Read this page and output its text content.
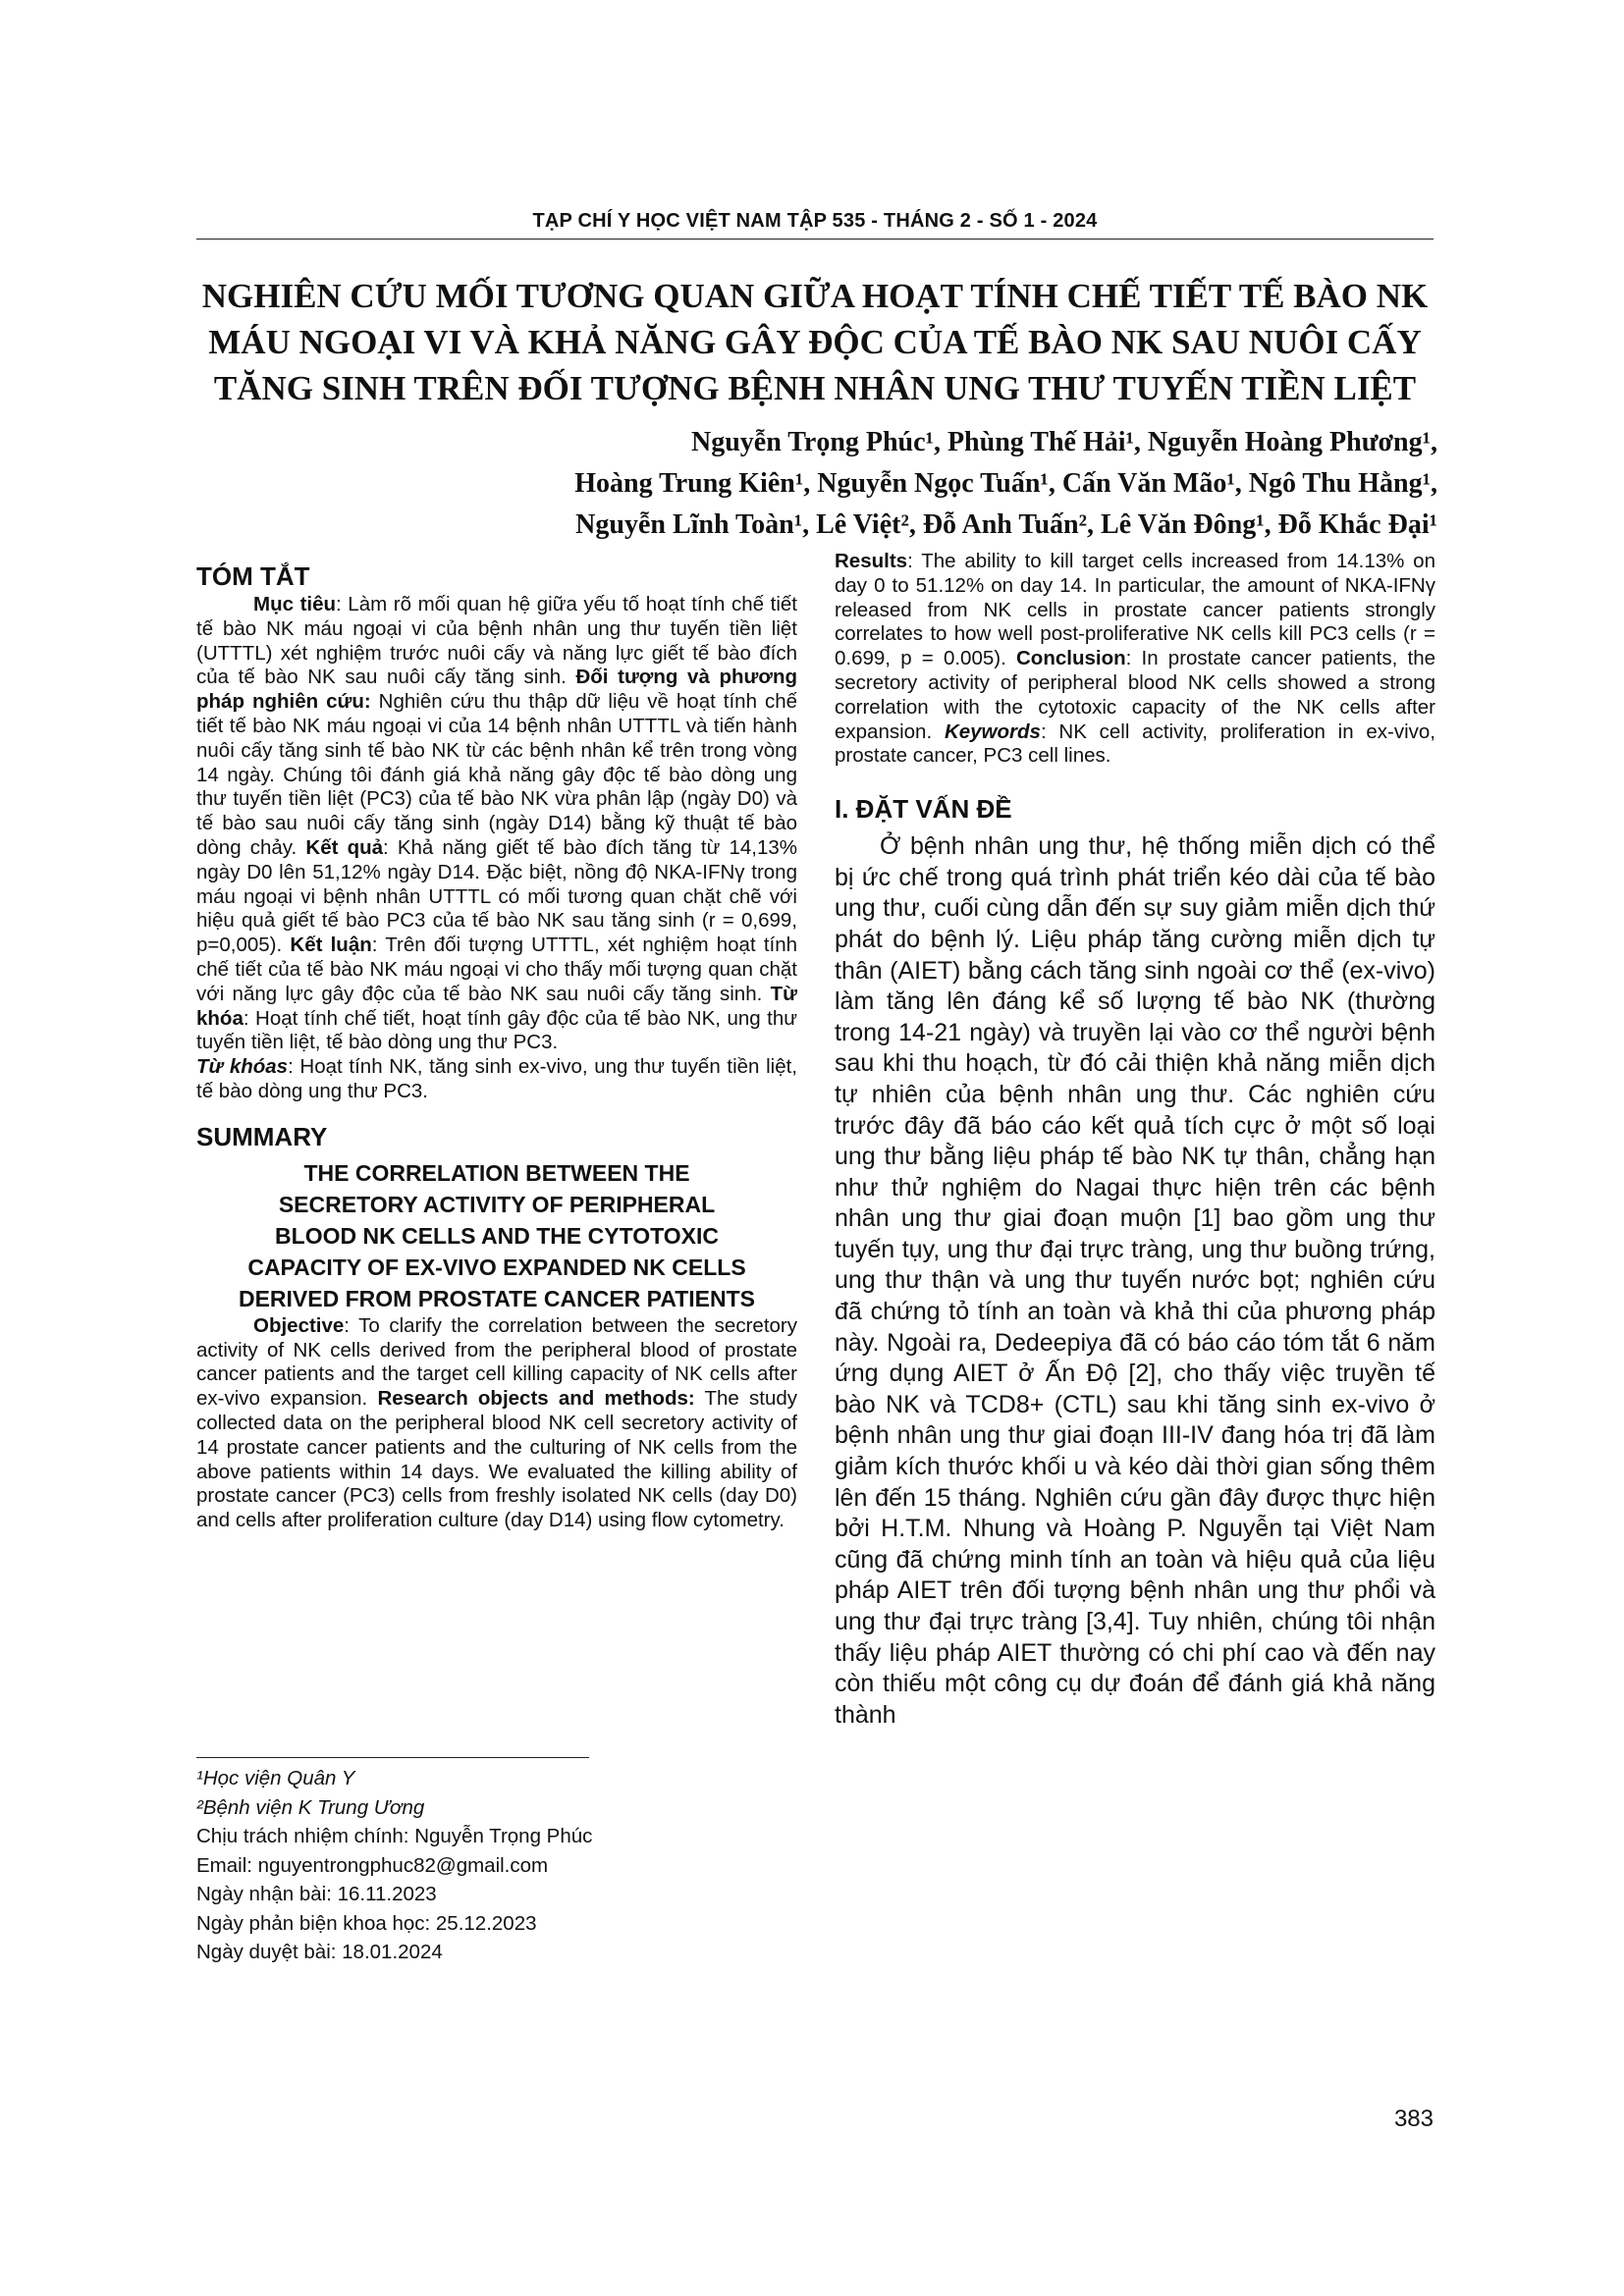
TẠP CHÍ Y HỌC VIỆT NAM TẬP 535 - THÁNG 2 - SỐ 1 - 2024
NGHIÊN CỨU MỐI TƯƠNG QUAN GIỮA HOẠT TÍNH CHẾ TIẾT TẾ BÀO NK
MÁU NGOẠI VI VÀ KHẢ NĂNG GÂY ĐỘC CỦA TẾ BÀO NK SAU NUÔI CẤY
TĂNG SINH TRÊN ĐỐI TƯỢNG BỆNH NHÂN UNG THƯ TUYẾN TIỀN LIỆT
Nguyễn Trọng Phúc¹, Phùng Thế Hải¹, Nguyễn Hoàng Phương¹,
Hoàng Trung Kiên¹, Nguyễn Ngọc Tuấn¹, Cấn Văn Mão¹, Ngô Thu Hằng¹,
Nguyễn Lĩnh Toàn¹, Lê Việt², Đỗ Anh Tuấn², Lê Văn Đông¹, Đỗ Khắc Đại¹
TÓM TẮT

Mục tiêu: Làm rõ mối quan hệ giữa yếu tố hoạt tính chế tiết tế bào NK máu ngoại vi của bệnh nhân ung thư tuyến tiền liệt (UTTTL) xét nghiệm trước nuôi cấy và năng lực giết tế bào đích của tế bào NK sau nuôi cấy tăng sinh. Đối tượng và phương pháp nghiên cứu: Nghiên cứu thu thập dữ liệu về hoạt tính chế tiết tế bào NK máu ngoại vi của 14 bệnh nhân UTTTL và tiến hành nuôi cấy tăng sinh tế bào NK từ các bệnh nhân kể trên trong vòng 14 ngày. Chúng tôi đánh giá khả năng gây độc tế bào dòng ung thư tuyến tiền liệt (PC3) của tế bào NK vừa phân lập (ngày D0) và tế bào sau nuôi cấy tăng sinh (ngày D14) bằng kỹ thuật tế bào dòng chảy. Kết quả: Khả năng giết tế bào đích tăng từ 14,13% ngày D0 lên 51,12% ngày D14. Đặc biệt, nồng độ NKA-IFNγ trong máu ngoại vi bệnh nhân UTTTL có mối tương quan chặt chẽ với hiệu quả giết tế bào PC3 của tế bào NK sau tăng sinh (r = 0,699, p=0,005). Kết luận: Trên đối tượng UTTTL, xét nghiệm hoạt tính chế tiết của tế bào NK máu ngoại vi cho thấy mối tượng quan chặt với năng lực gây độc của tế bào NK sau nuôi cấy tăng sinh. Từ khóa: Hoạt tính chế tiết, hoạt tính gây độc của tế bào NK, ung thư tuyến tiền liệt, tế bào dòng ung thư PC3.
Từ khóas: Hoạt tính NK, tăng sinh ex-vivo, ung thư tuyến tiền liệt, tế bào dòng ung thư PC3.

SUMMARY
THE CORRELATION BETWEEN THE
SECRETORY ACTIVITY OF PERIPHERAL
BLOOD NK CELLS AND THE CYTOTOXIC
CAPACITY OF EX-VIVO EXPANDED NK CELLS
DERIVED FROM PROSTATE CANCER PATIENTS

Objective: To clarify the correlation between the secretory activity of NK cells derived from the peripheral blood of prostate cancer patients and the target cell killing capacity of NK cells after ex-vivo expansion. Research objects and methods: The study collected data on the peripheral blood NK cell secretory activity of 14 prostate cancer patients and the culturing of NK cells from the above patients within 14 days. We evaluated the killing ability of prostate cancer (PC3) cells from freshly isolated NK cells (day D0) and cells after proliferation culture (day D14) using flow cytometry.

Results: The ability to kill target cells increased from 14.13% on day 0 to 51.12% on day 14. In particular, the amount of NKA-IFNγ released from NK cells in prostate cancer patients strongly correlates to how well post-proliferative NK cells kill PC3 cells (r = 0.699, p = 0.005). Conclusion: In prostate cancer patients, the secretory activity of peripheral blood NK cells showed a strong correlation with the cytotoxic capacity of the NK cells after expansion. Keywords: NK cell activity, proliferation in ex-vivo, prostate cancer, PC3 cell lines.

I. ĐẶT VẤN ĐỀ

Ở bệnh nhân ung thư, hệ thống miễn dịch có thể bị ức chế trong quá trình phát triển kéo dài của tế bào ung thư, cuối cùng dẫn đến sự suy giảm miễn dịch thứ phát do bệnh lý. Liệu pháp tăng cường miễn dịch tự thân (AIET) bằng cách tăng sinh ngoài cơ thể (ex-vivo) làm tăng lên đáng kể số lượng tế bào NK (thường trong 14-21 ngày) và truyền lại vào cơ thể người bệnh sau khi thu hoạch, từ đó cải thiện khả năng miễn dịch tự nhiên của bệnh nhân ung thư. Các nghiên cứu trước đây đã báo cáo kết quả tích cực ở một số loại ung thư bằng liệu pháp tế bào NK tự thân, chẳng hạn như thử nghiệm do Nagai thực hiện trên các bệnh nhân ung thư giai đoạn muộn [1] bao gồm ung thư tuyến tụy, ung thư đại trực tràng, ung thư buồng trứng, ung thư thận và ung thư tuyến nước bọt; nghiên cứu đã chứng tỏ tính an toàn và khả thi của phương pháp này. Ngoài ra, Dedeepiya đã có báo cáo tóm tắt 6 năm ứng dụng AIET ở Ấn Độ [2], cho thấy việc truyền tế bào NK và TCD8+ (CTL) sau khi tăng sinh ex-vivo ở bệnh nhân ung thư giai đoạn III-IV đang hóa trị đã làm giảm kích thước khối u và kéo dài thời gian sống thêm lên đến 15 tháng. Nghiên cứu gần đây được thực hiện bởi H.T.M. Nhung và Hoàng P. Nguyễn tại Việt Nam cũng đã chứng minh tính an toàn và hiệu quả của liệu pháp AIET trên đối tượng bệnh nhân ung thư phổi và ung thư đại trực tràng [3,4]. Tuy nhiên, chúng tôi nhận thấy liệu pháp AIET thường có chi phí cao và đến nay còn thiếu một công cụ dự đoán để đánh giá khả năng thành

¹Học viện Quân Y
²Bệnh viện K Trung Ương
Chịu trách nhiệm chính: Nguyễn Trọng Phúc
Email: nguyentrongphuc82@gmail.com
Ngày nhận bài: 16.11.2023
Ngày phản biện khoa học: 25.12.2023
Ngày duyệt bài: 18.01.2024
383
